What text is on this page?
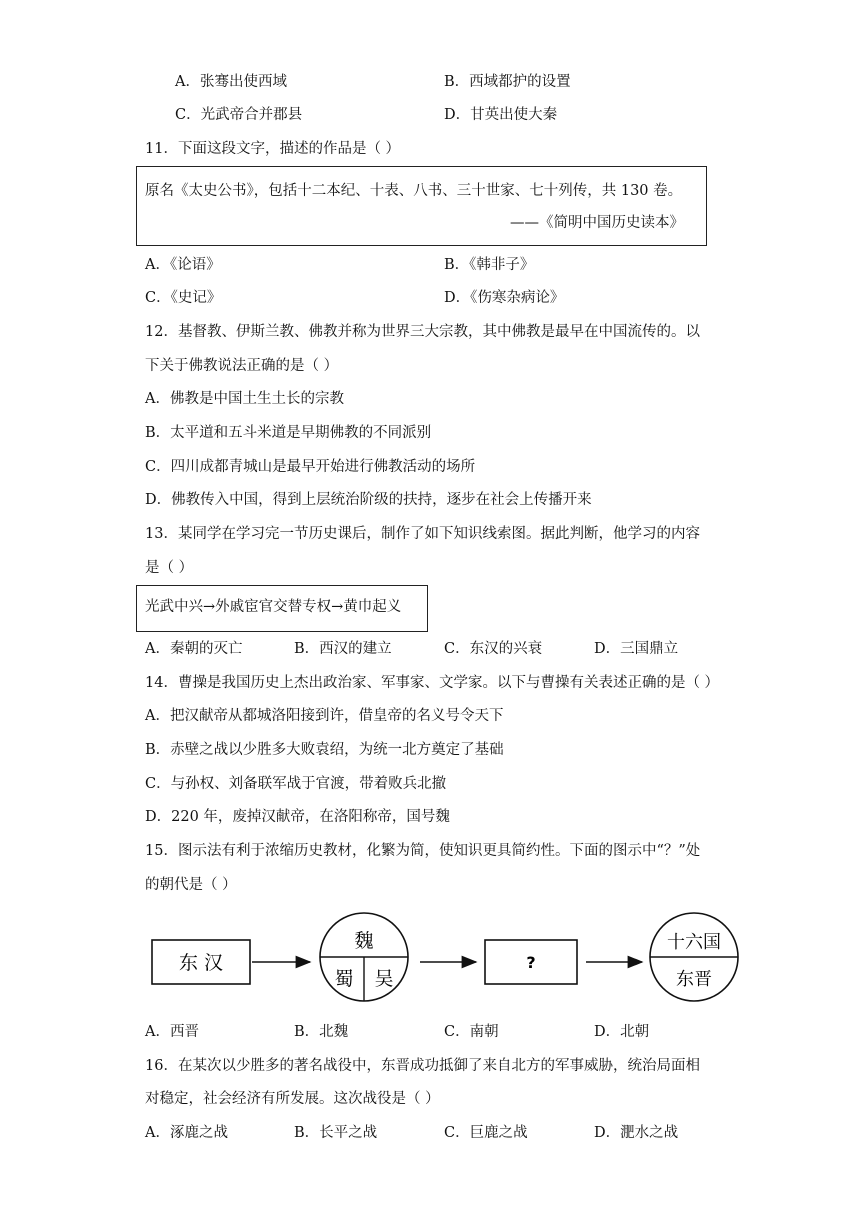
A．张骞出使西域	B．西域都护的设置
C．光武帝合并郡县	D．甘英出使大秦
11．下面这段文字，描述的作品是（ ）
原名《太史公书》，包括十二本纪、十表、八书、三十世家、七十列传，共 130 卷。
——《简明中国历史读本》
A．《论语》	B．《韩非子》
C．《史记》	D．《伤寒杂病论》
12．基督教、伊斯兰教、佛教并称为世界三大宗教，其中佛教是最早在中国流传的。以
下关于佛教说法正确的是（ ）
A．佛教是中国土生土长的宗教
B．太平道和五斗米道是早期佛教的不同派别
C．四川成都青城山是最早开始进行佛教活动的场所
D．佛教传入中国，得到上层统治阶级的扶持，逐步在社会上传播开来
13．某同学在学习完一节历史课后，制作了如下知识线索图。据此判断，他学习的内容
是（ ）
光武中兴→外戚宦官交替专权→黄巾起义
A．秦朝的灭亡	B．西汉的建立	C．东汉的兴衰	D．三国鼎立
14．曹操是我国历史上杰出政治家、军事家、文学家。以下与曹操有关表述正确的是（ ）
A．把汉献帝从都城洛阳接到许，借皇帝的名义号令天下
B．赤壁之战以少胜多大败袁绍，为统一北方奠定了基础
C．与孙权、刘备联军战于官渡，带着败兵北撤
D．220 年，废掉汉献帝，在洛阳称帝，国号魏
15．图示法有利于浓缩历史教材，化繁为简，使知识更具简约性。下面的图示中“？”处
的朝代是（ ）
东 汉
魏
蜀 吴
?
十六国
东晋
A．西晋	B．北魏	C．南朝	D．北朝
16．在某次以少胜多的著名战役中，东晋成功抵御了来自北方的军事威胁，统治局面相
对稳定，社会经济有所发展。这次战役是（ ）
A．涿鹿之战	B．长平之战	C．巨鹿之战	D．淝水之战
